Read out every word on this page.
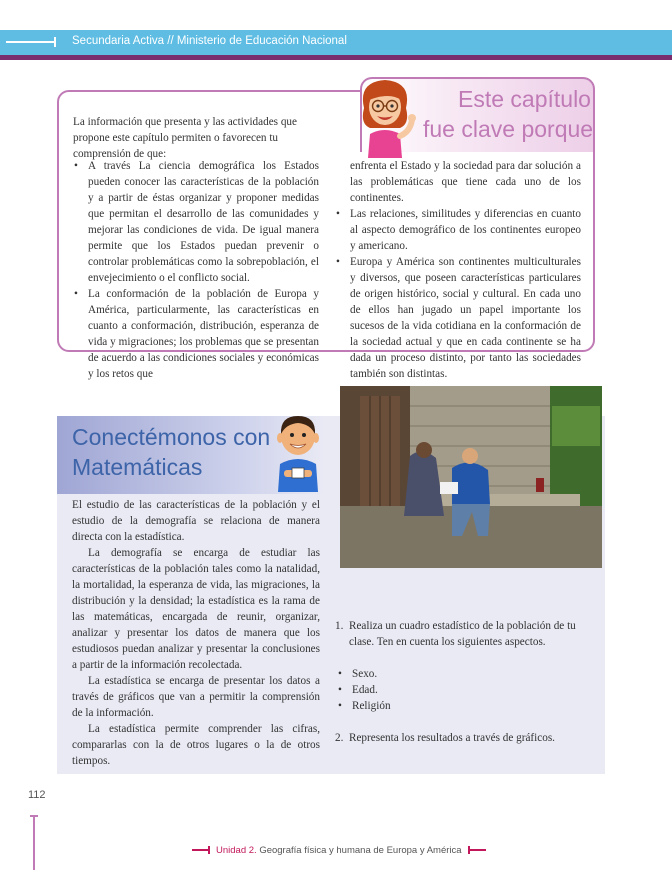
Secundaria Activa // Ministerio de Educación Nacional
Este capítulo
fue clave porque
La información que presenta y las actividades que propone este capítulo permiten o favorecen tu comprensión de que:
• A través La ciencia demográfica los Estados pueden conocer las características de la población y a partir de éstas organizar y proponer medidas que permitan el desarrollo de las comunidades y mejorar las condiciones de vida. De igual manera permite que los Estados puedan prevenir o controlar problemáticas como la sobrepoblación, el envejecimiento o el conflicto social.
• La conformación de la población de Europa y América, particularmente, las características en cuanto a conformación, distribución, esperanza de vida y migraciones; los problemas que se presentan de acuerdo a las condiciones sociales y económicas y los retos que
enfrenta el Estado y la sociedad para dar solución a las problemáticas que tiene cada uno de los continentes.
• Las relaciones, similitudes y diferencias en cuanto al aspecto demográfico de los continentes europeo y americano.
• Europa y América son continentes multiculturales y diversos, que poseen características particulares de origen histórico, social y cultural. En cada uno de ellos han jugado un papel importante los sucesos de la vida cotidiana en la conformación de la sociedad actual y que en cada continente se ha dada un proceso distinto, por tanto las sociedades también son distintas.
Conectémonos con
Matemáticas

El estudio de las características de la población y el estudio de la demografía se relaciona de manera directa con la estadística.

La demografía se encarga de estudiar las características de la población tales como la natalidad, la mortalidad, la esperanza de vida, las migraciones, la distribución y la densidad; la estadística es la rama de las matemáticas, encargada de reunir, organizar, analizar y presentar los datos de manera que los estudiosos puedan analizar y presentar la conclusiones a partir de la información recolectada.

La estadística se encarga de presentar los datos a través de gráficos que van a permitir la comprensión de la información.

La estadística permite comprender las cifras, compararlas con la de otros lugares o la de otros tiempos.

1. Realiza un cuadro estadístico de la población de tu clase. Ten en cuenta los siguientes aspectos.
• Sexo.
• Edad.
• Religión
2. Representa los resultados a través de gráficos.
112
Unidad 2. Geografía física y humana de Europa y América
